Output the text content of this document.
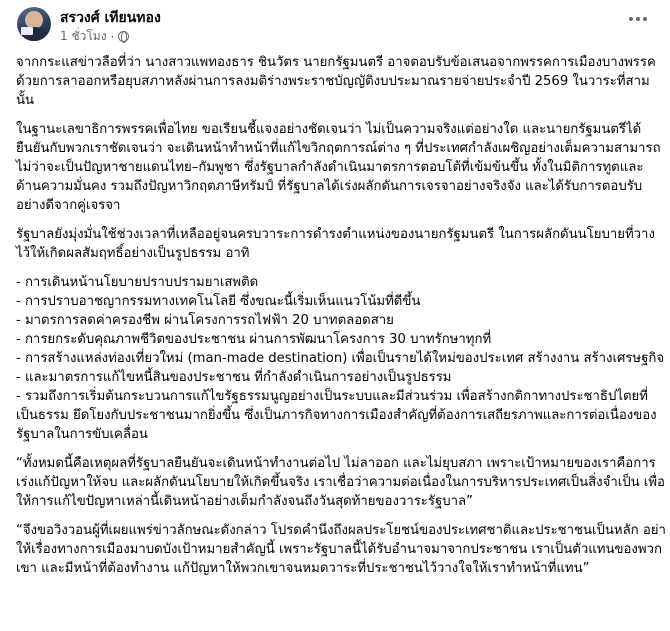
สรวงศ์ เทียนทอง
1 ชั่วโมง ·

จากกระแสข่าวลือที่ว่า นางสาวแพทองธาร ชินวัตร นายกรัฐมนตรี อาจตอบรับข้อเสนอจากพรรคการเมืองบางพรรค ด้วยการลาออกหรือยุบสภาหลังผ่านการลงมติร่างพระราชบัญญัติงบประมาณรายจ่ายประจำปี 2569 ในวาระที่สามนั้น

ในฐานะเลขาธิการพรรคเพื่อไทย ขอเรียนชี้แจงอย่างชัดเจนว่า ไม่เป็นความจริงแต่อย่างใด และนายกรัฐมนตรีได้ยืนยันกับพวกเราชัดเจนว่า จะเดินหน้าทำหน้าที่แก้ไขวิกฤตการณ์ต่าง ๆ ที่ประเทศกำลังเผชิญอย่างเต็มความสามารถ ไม่ว่าจะเป็นปัญหาชายแดนไทย–กัมพูชา ซึ่งรัฐบาลกำลังดำเนินมาตรการตอบโต้ที่เข้มข้นขึ้น ทั้งในมิติการทูตและด้านความมั่นคง รวมถึงปัญหาวิกฤตภาษีทรัมป์ ที่รัฐบาลได้เร่งผลักดันการเจรจาอย่างจริงจัง และได้รับการตอบรับอย่างดีจากคู่เจรจา

รัฐบาลยังมุ่งมั่นใช้ช่วงเวลาที่เหลืออยู่จนครบวาระการดำรงตำแหน่งของนายกรัฐมนตรี ในการผลักดันนโยบายที่วางไว้ให้เกิดผลสัมฤทธิ์อย่างเป็นรูปธรรม อาทิ

- การเดินหน้านโยบายปราบปรามยาเสพติด

- การปราบอาชญากรรมทางเทคโนโลยี ซึ่งขณะนี้เริ่มเห็นแนวโน้มที่ดีขึ้น

- มาตรการลดค่าครองชีพ ผ่านโครงการรถไฟฟ้า 20 บาทตลอดสาย

- การยกระดับคุณภาพชีวิตของประชาชน ผ่านการพัฒนาโครงการ 30 บาทรักษาทุกที่

- การสร้างแหล่งท่องเที่ยวใหม่ (man-made destination) เพื่อเป็นรายได้ใหม่ของประเทศ สร้างงาน สร้างเศรษฐกิจ

- และมาตรการแก้ไขหนี้สินของประชาชน ที่กำลังดำเนินการอย่างเป็นรูปธรรม

- รวมถึงการเริ่มต้นกระบวนการแก้ไขรัฐธรรมนูญอย่างเป็นระบบและมีส่วนร่วม เพื่อสร้างกติกาทางประชาธิปไตยที่เป็นธรรม ยึดโยงกับประชาชนมากยิ่งขึ้น ซึ่งเป็นภารกิจทางการเมืองสำคัญที่ต้องการเสถียรภาพและการต่อเนื่องของรัฐบาลในการขับเคลื่อน

“ทั้งหมดนี้คือเหตุผลที่รัฐบาลยืนยันจะเดินหน้าทำงานต่อไป ไม่ลาออก และไม่ยุบสภา เพราะเป้าหมายของเราคือการเร่งแก้ปัญหาให้จบ และผลักดันนโยบายให้เกิดขึ้นจริง เราเชื่อว่าความต่อเนื่องในการบริหารประเทศเป็นสิ่งจำเป็น เพื่อให้การแก้ไขปัญหาเหล่านี้เดินหน้าอย่างเต็มกำลังจนถึงวันสุดท้ายของวาระรัฐบาล”

“จึงขอวิงวอนผู้ที่เผยแพร่ข่าวลักษณะดังกล่าว โปรดคำนึงถึงผลประโยชน์ของประเทศชาติและประชาชนเป็นหลัก อย่าให้เรื่องทางการเมืองมาบดบังเป้าหมายสำคัญนี้ เพราะรัฐบาลนี้ได้รับอำนาจมาจากประชาชน เราเป็นตัวแทนของพวกเขา และมีหน้าที่ต้องทำงาน แก้ปัญหาให้พวกเขาจนหมดวาระที่ประชาชนไว้วางใจให้เราทำหน้าที่แทน”
